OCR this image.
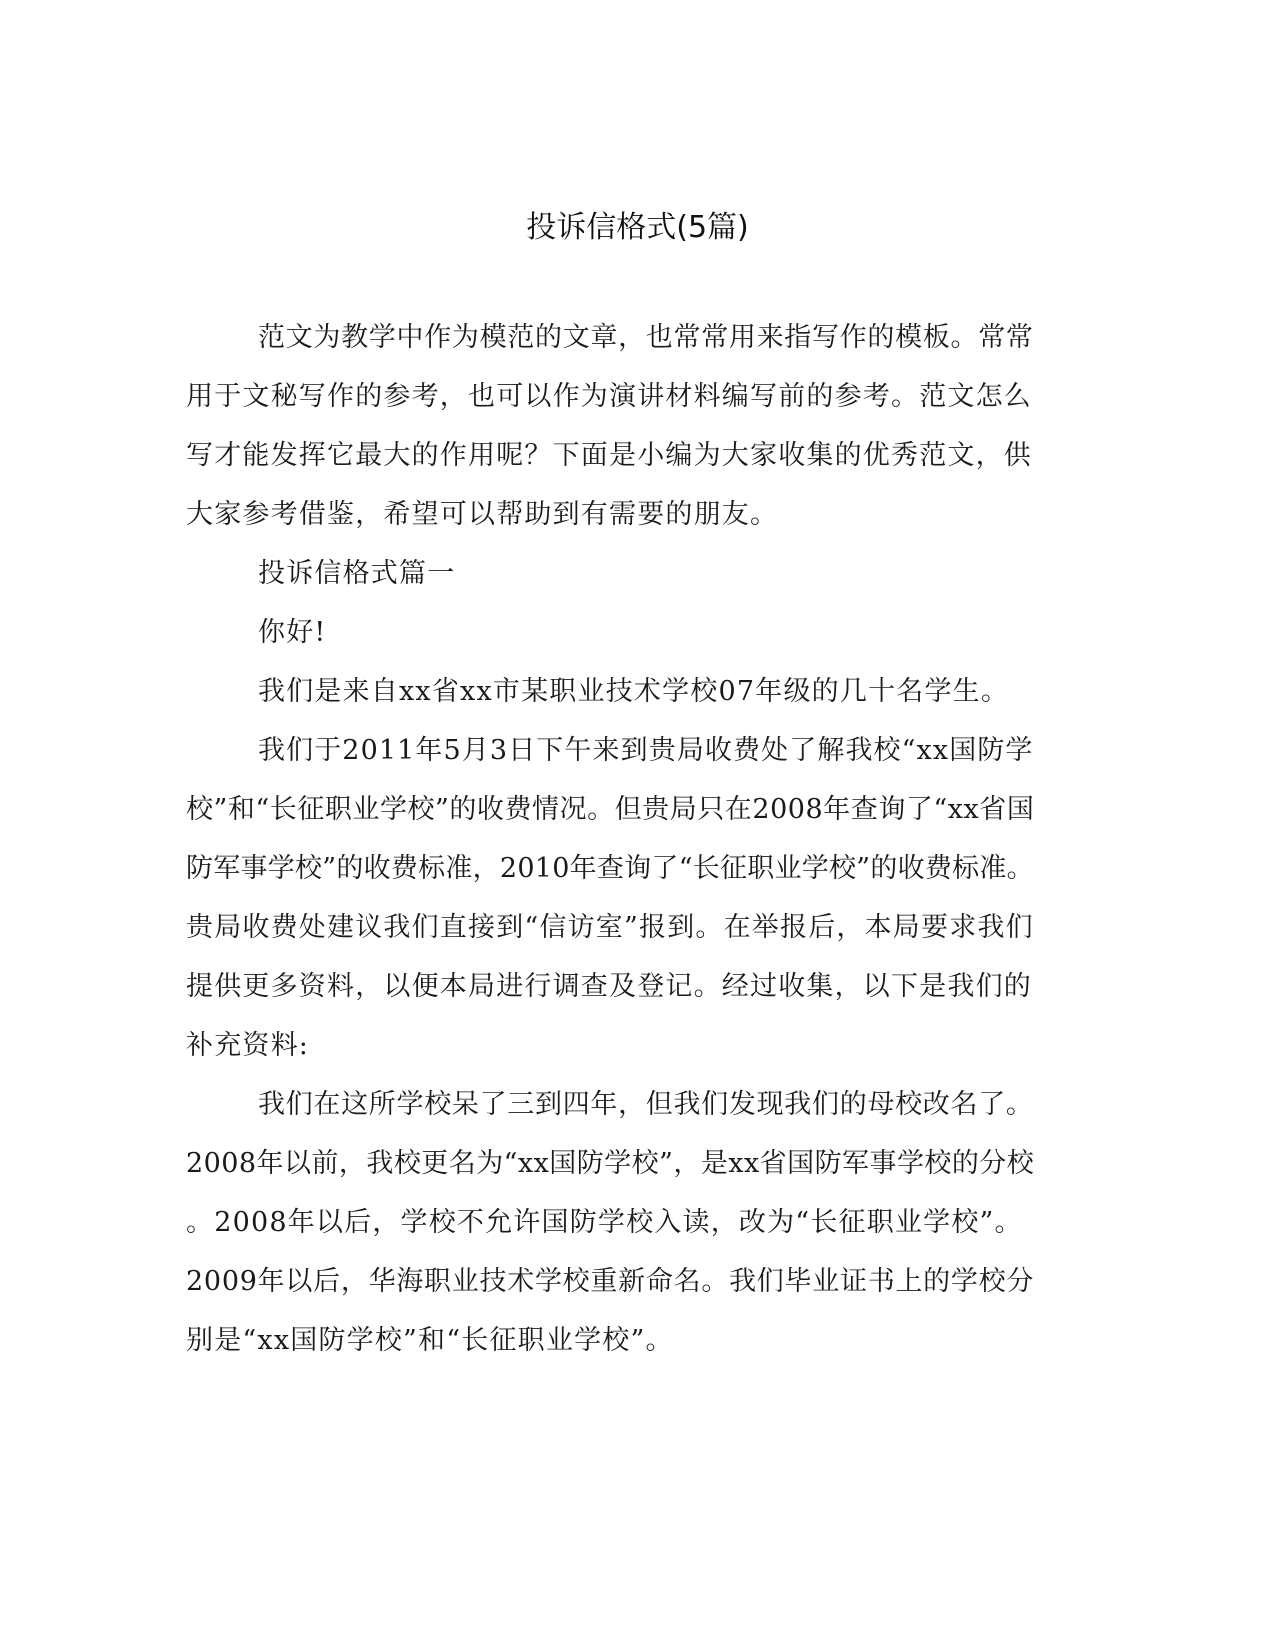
投诉信格式(5篇)
范文为教学中作为模范的文章，也常常用来指写作的模板。常常
用于文秘写作的参考，也可以作为演讲材料编写前的参考。范文怎么
写才能发挥它最大的作用呢？下面是小编为大家收集的优秀范文，供
大家参考借鉴，希望可以帮助到有需要的朋友。
投诉信格式篇一
你好!
我们是来自xx省xx市某职业技术学校07年级的几十名学生。
我们于2011年5月3日下午来到贵局收费处了解我校“xx国防学
校”和“长征职业学校”的收费情况。但贵局只在2008年查询了“xx省国
防军事学校”的收费标准，2010年查询了“长征职业学校”的收费标准。
贵局收费处建议我们直接到“信访室”报到。在举报后，本局要求我们
提供更多资料，以便本局进行调查及登记。经过收集，以下是我们的
补充资料:
我们在这所学校呆了三到四年，但我们发现我们的母校改名了。
2008年以前，我校更名为“xx国防学校”，是xx省国防军事学校的分校
。2008年以后，学校不允许国防学校入读，改为“长征职业学校”。
2009年以后，华海职业技术学校重新命名。我们毕业证书上的学校分
别是“xx国防学校”和“长征职业学校”。
